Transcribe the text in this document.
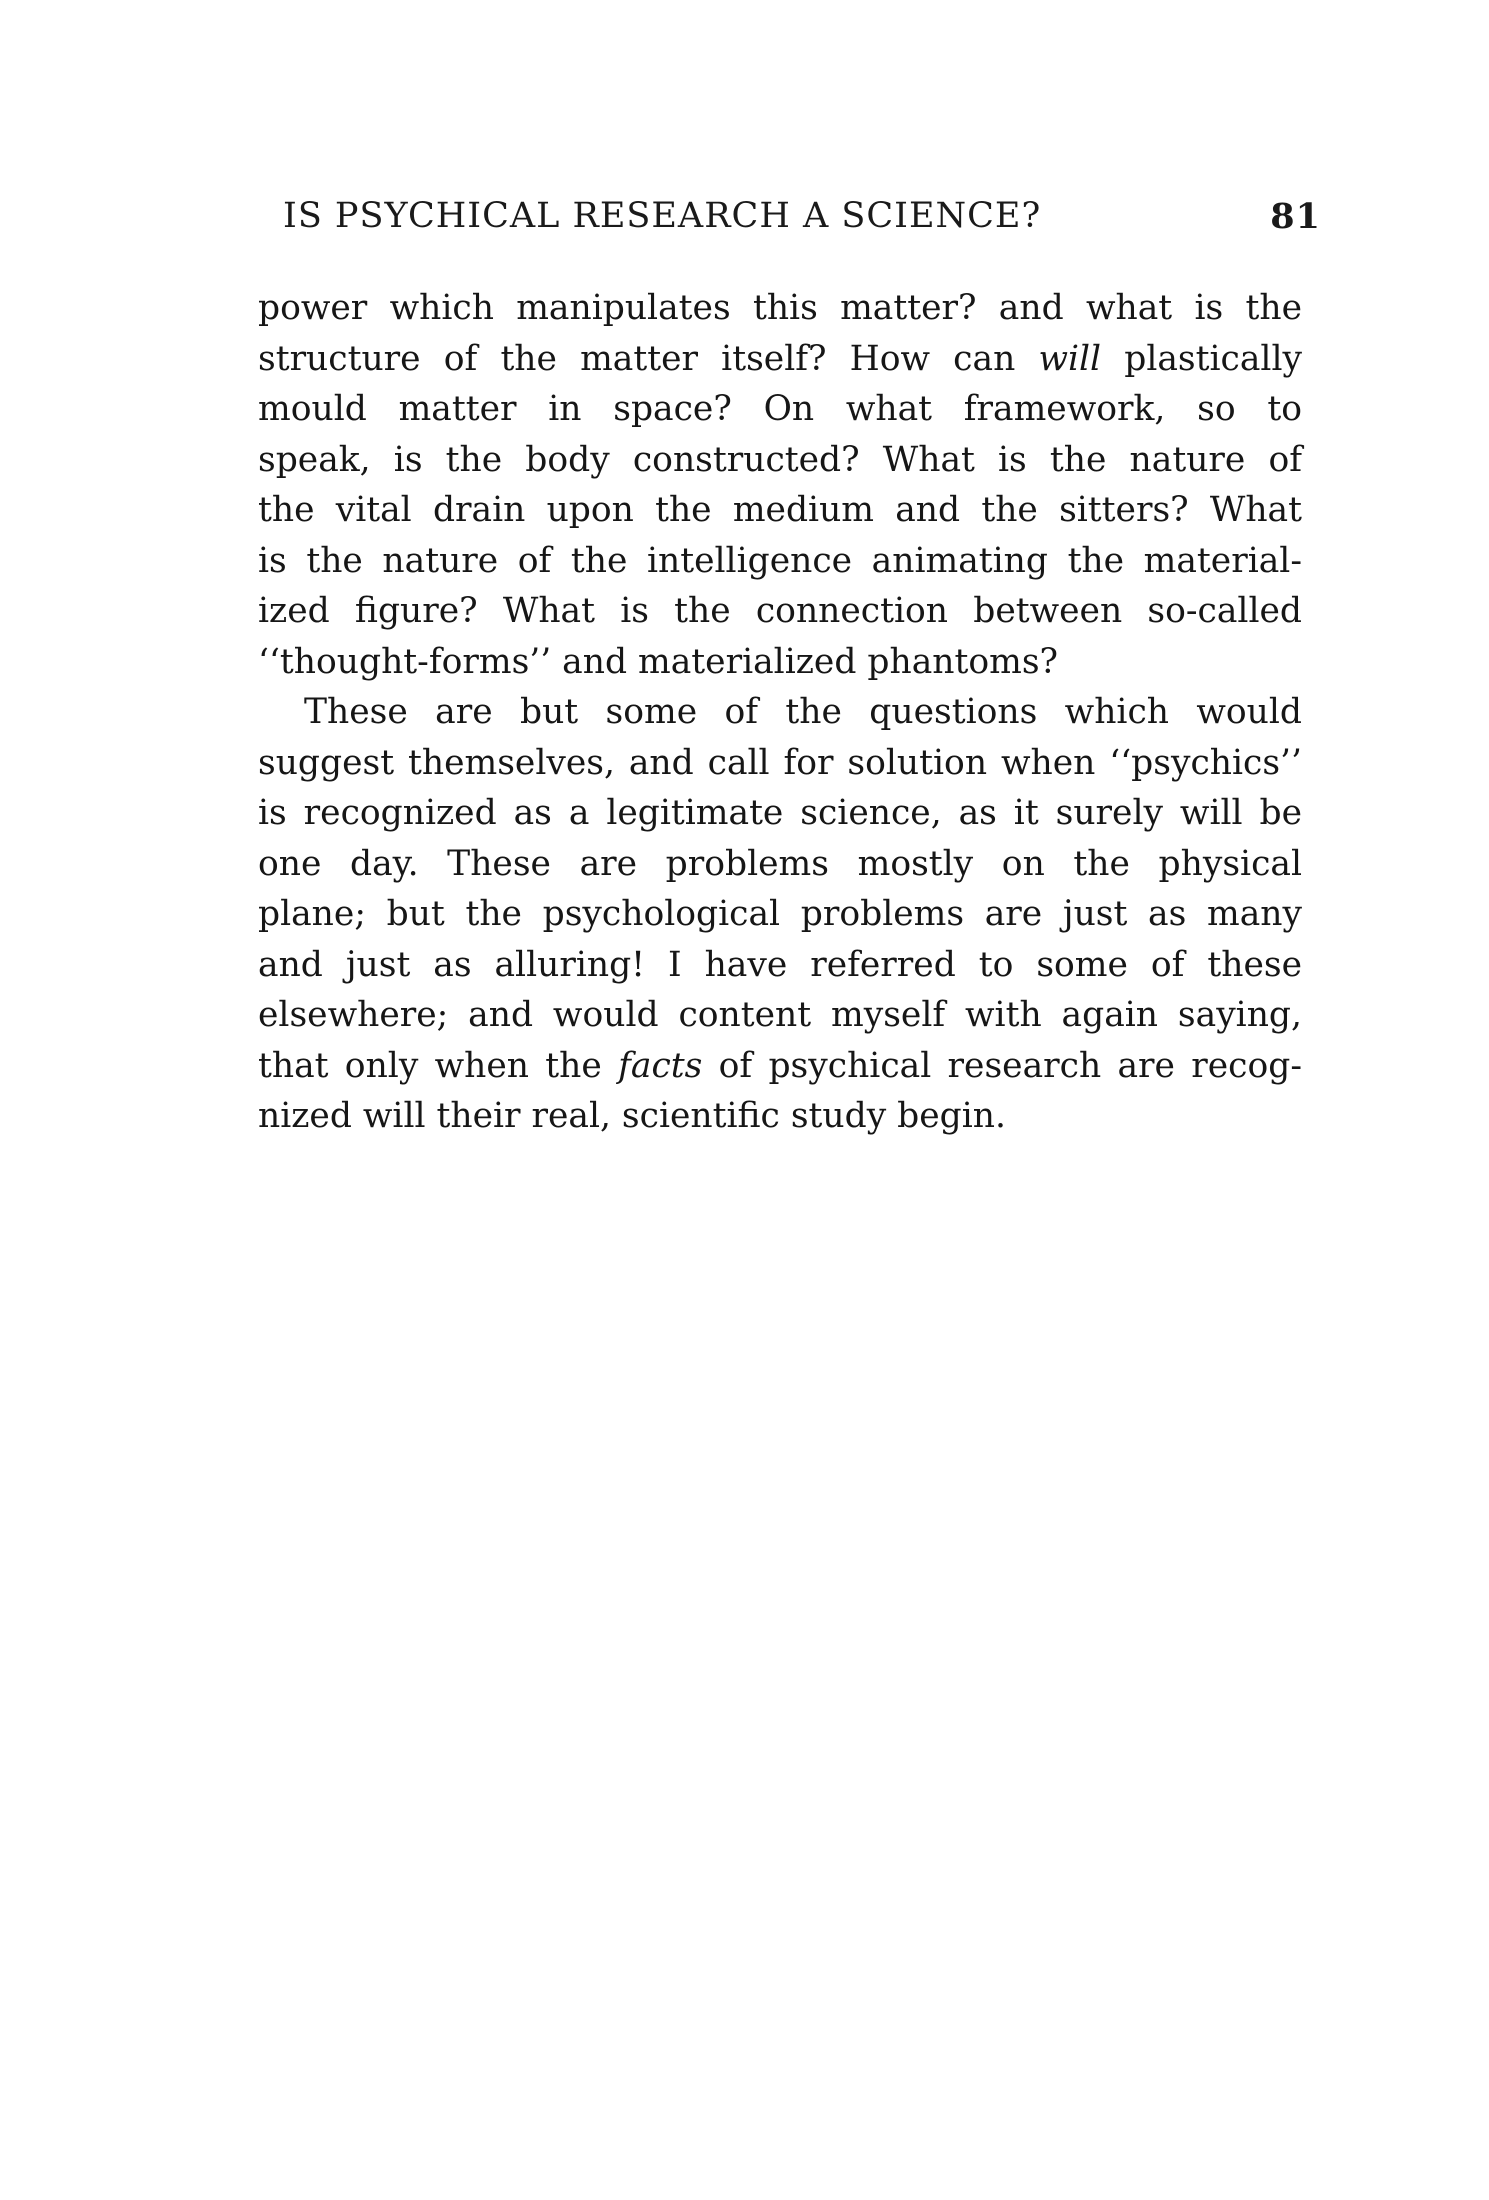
IS PSYCHICAL RESEARCH A SCIENCE?	81
power which manipulates this matter? and what is the
structure of the matter itself? How can will plastically
mould matter in space? On what framework, so to
speak, is the body constructed? What is the nature of
the vital drain upon the medium and the sitters? What
is the nature of the intelligence animating the material-
ized figure? What is the connection between so-called
‘‘thought-forms’’ and materialized phantoms?
These are but some of the questions which would
suggest themselves, and call for solution when ‘‘psychics’’
is recognized as a legitimate science, as it surely will be
one day. These are problems mostly on the physical
plane; but the psychological problems are just as many
and just as alluring! I have referred to some of these
elsewhere; and would content myself with again saying,
that only when the facts of psychical research are recog-
nized will their real, scientific study begin.
